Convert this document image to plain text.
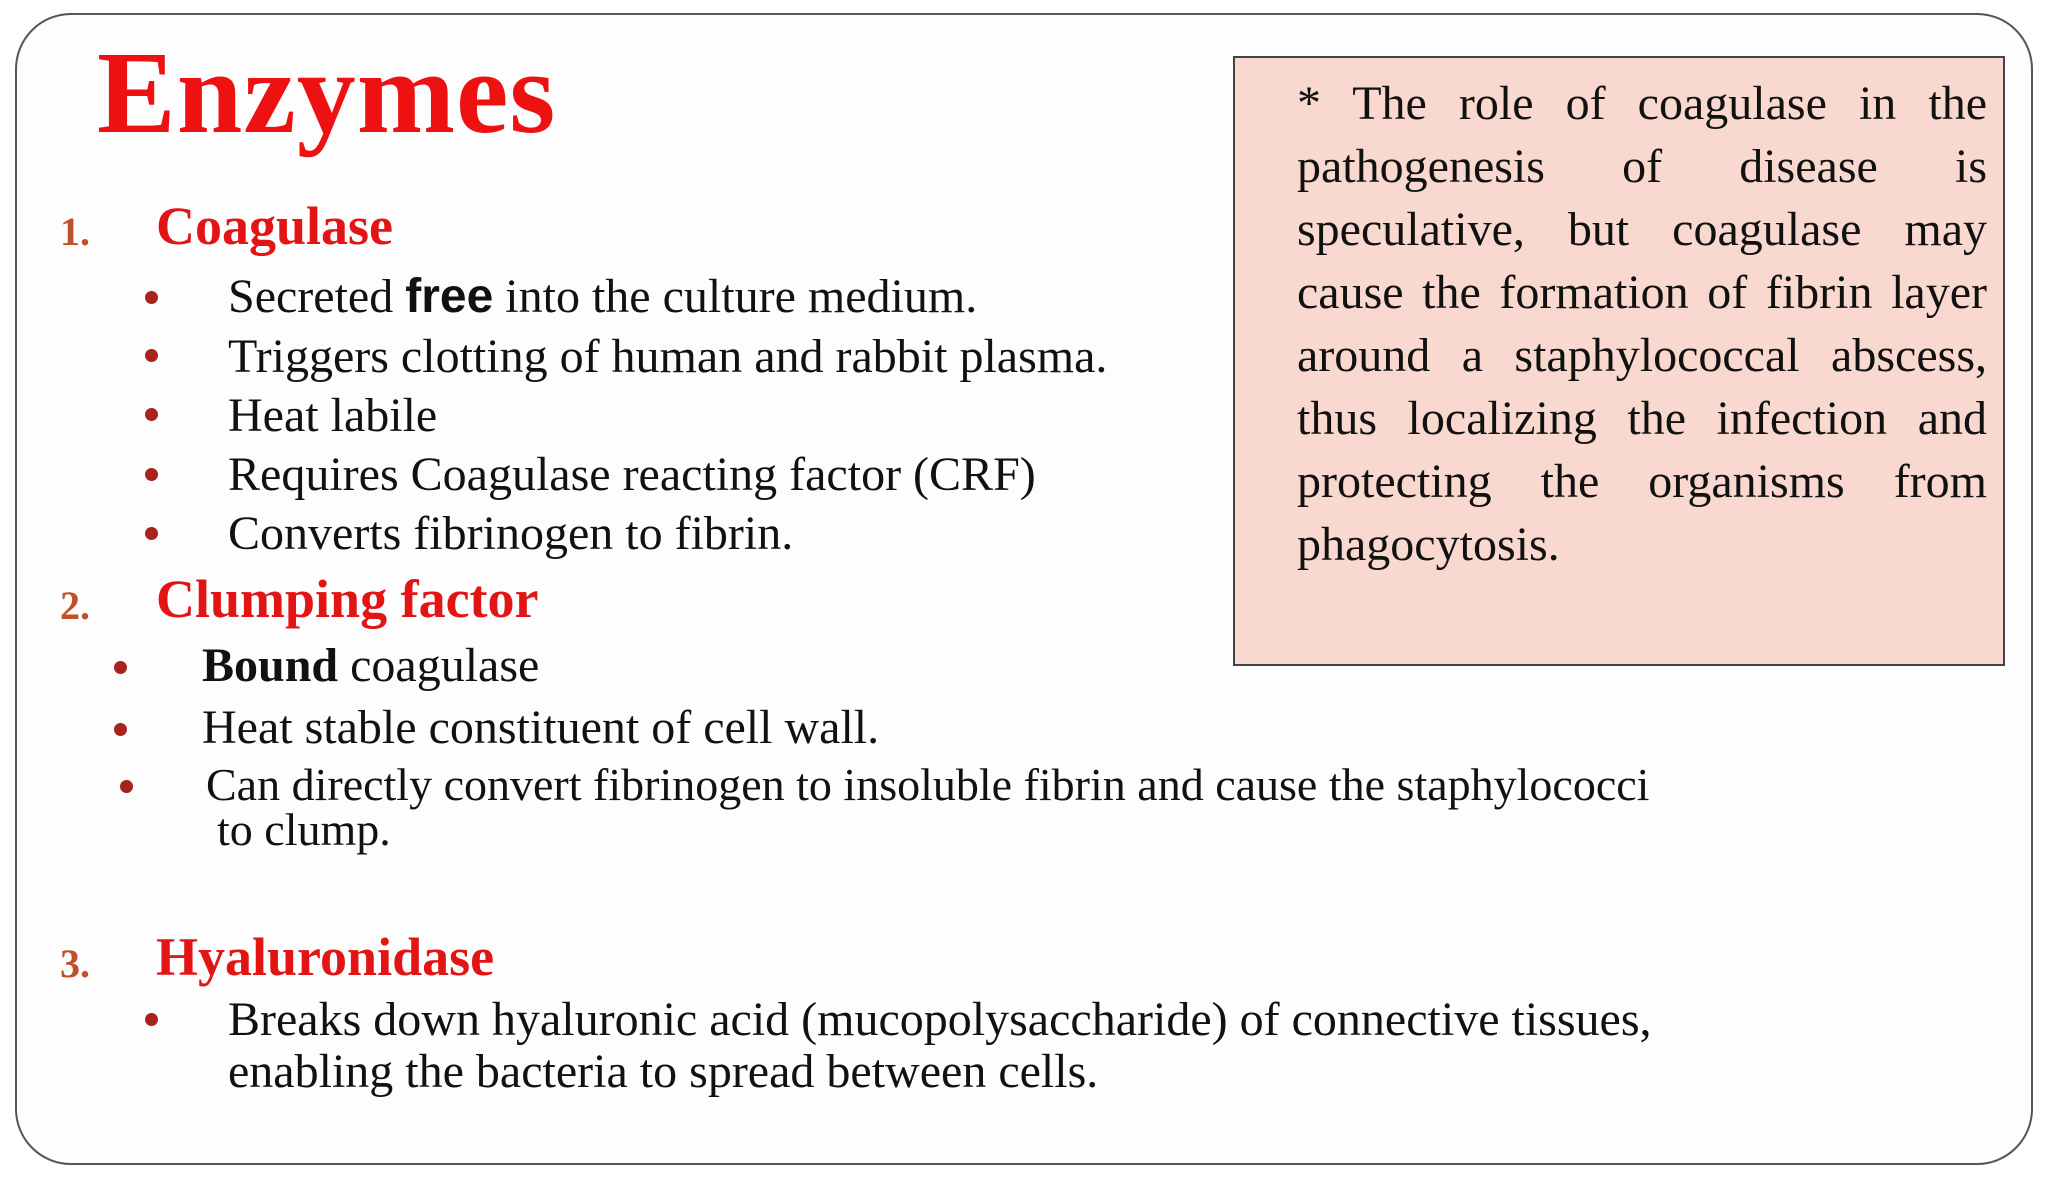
Enzymes	* The role of coagulase in the pathogenesis of disease is speculative, but coagulase may cause the formation of fibrin layer around a staphylococcal abscess, thus localizing the infection and protecting the organisms from phagocytosis.
1. Coagulase
Secreted free into the culture medium.
Triggers clotting of human and rabbit plasma.
Heat labile
Requires Coagulase reacting factor (CRF)
Converts fibrinogen to fibrin.
2. Clumping factor
Bound coagulase
Heat stable constituent of cell wall.
Can directly convert fibrinogen to insoluble fibrin and cause the staphylococci
to clump.
3. Hyaluronidase
Breaks down hyaluronic acid (mucopolysaccharide) of connective tissues,
enabling the bacteria to spread between cells.
